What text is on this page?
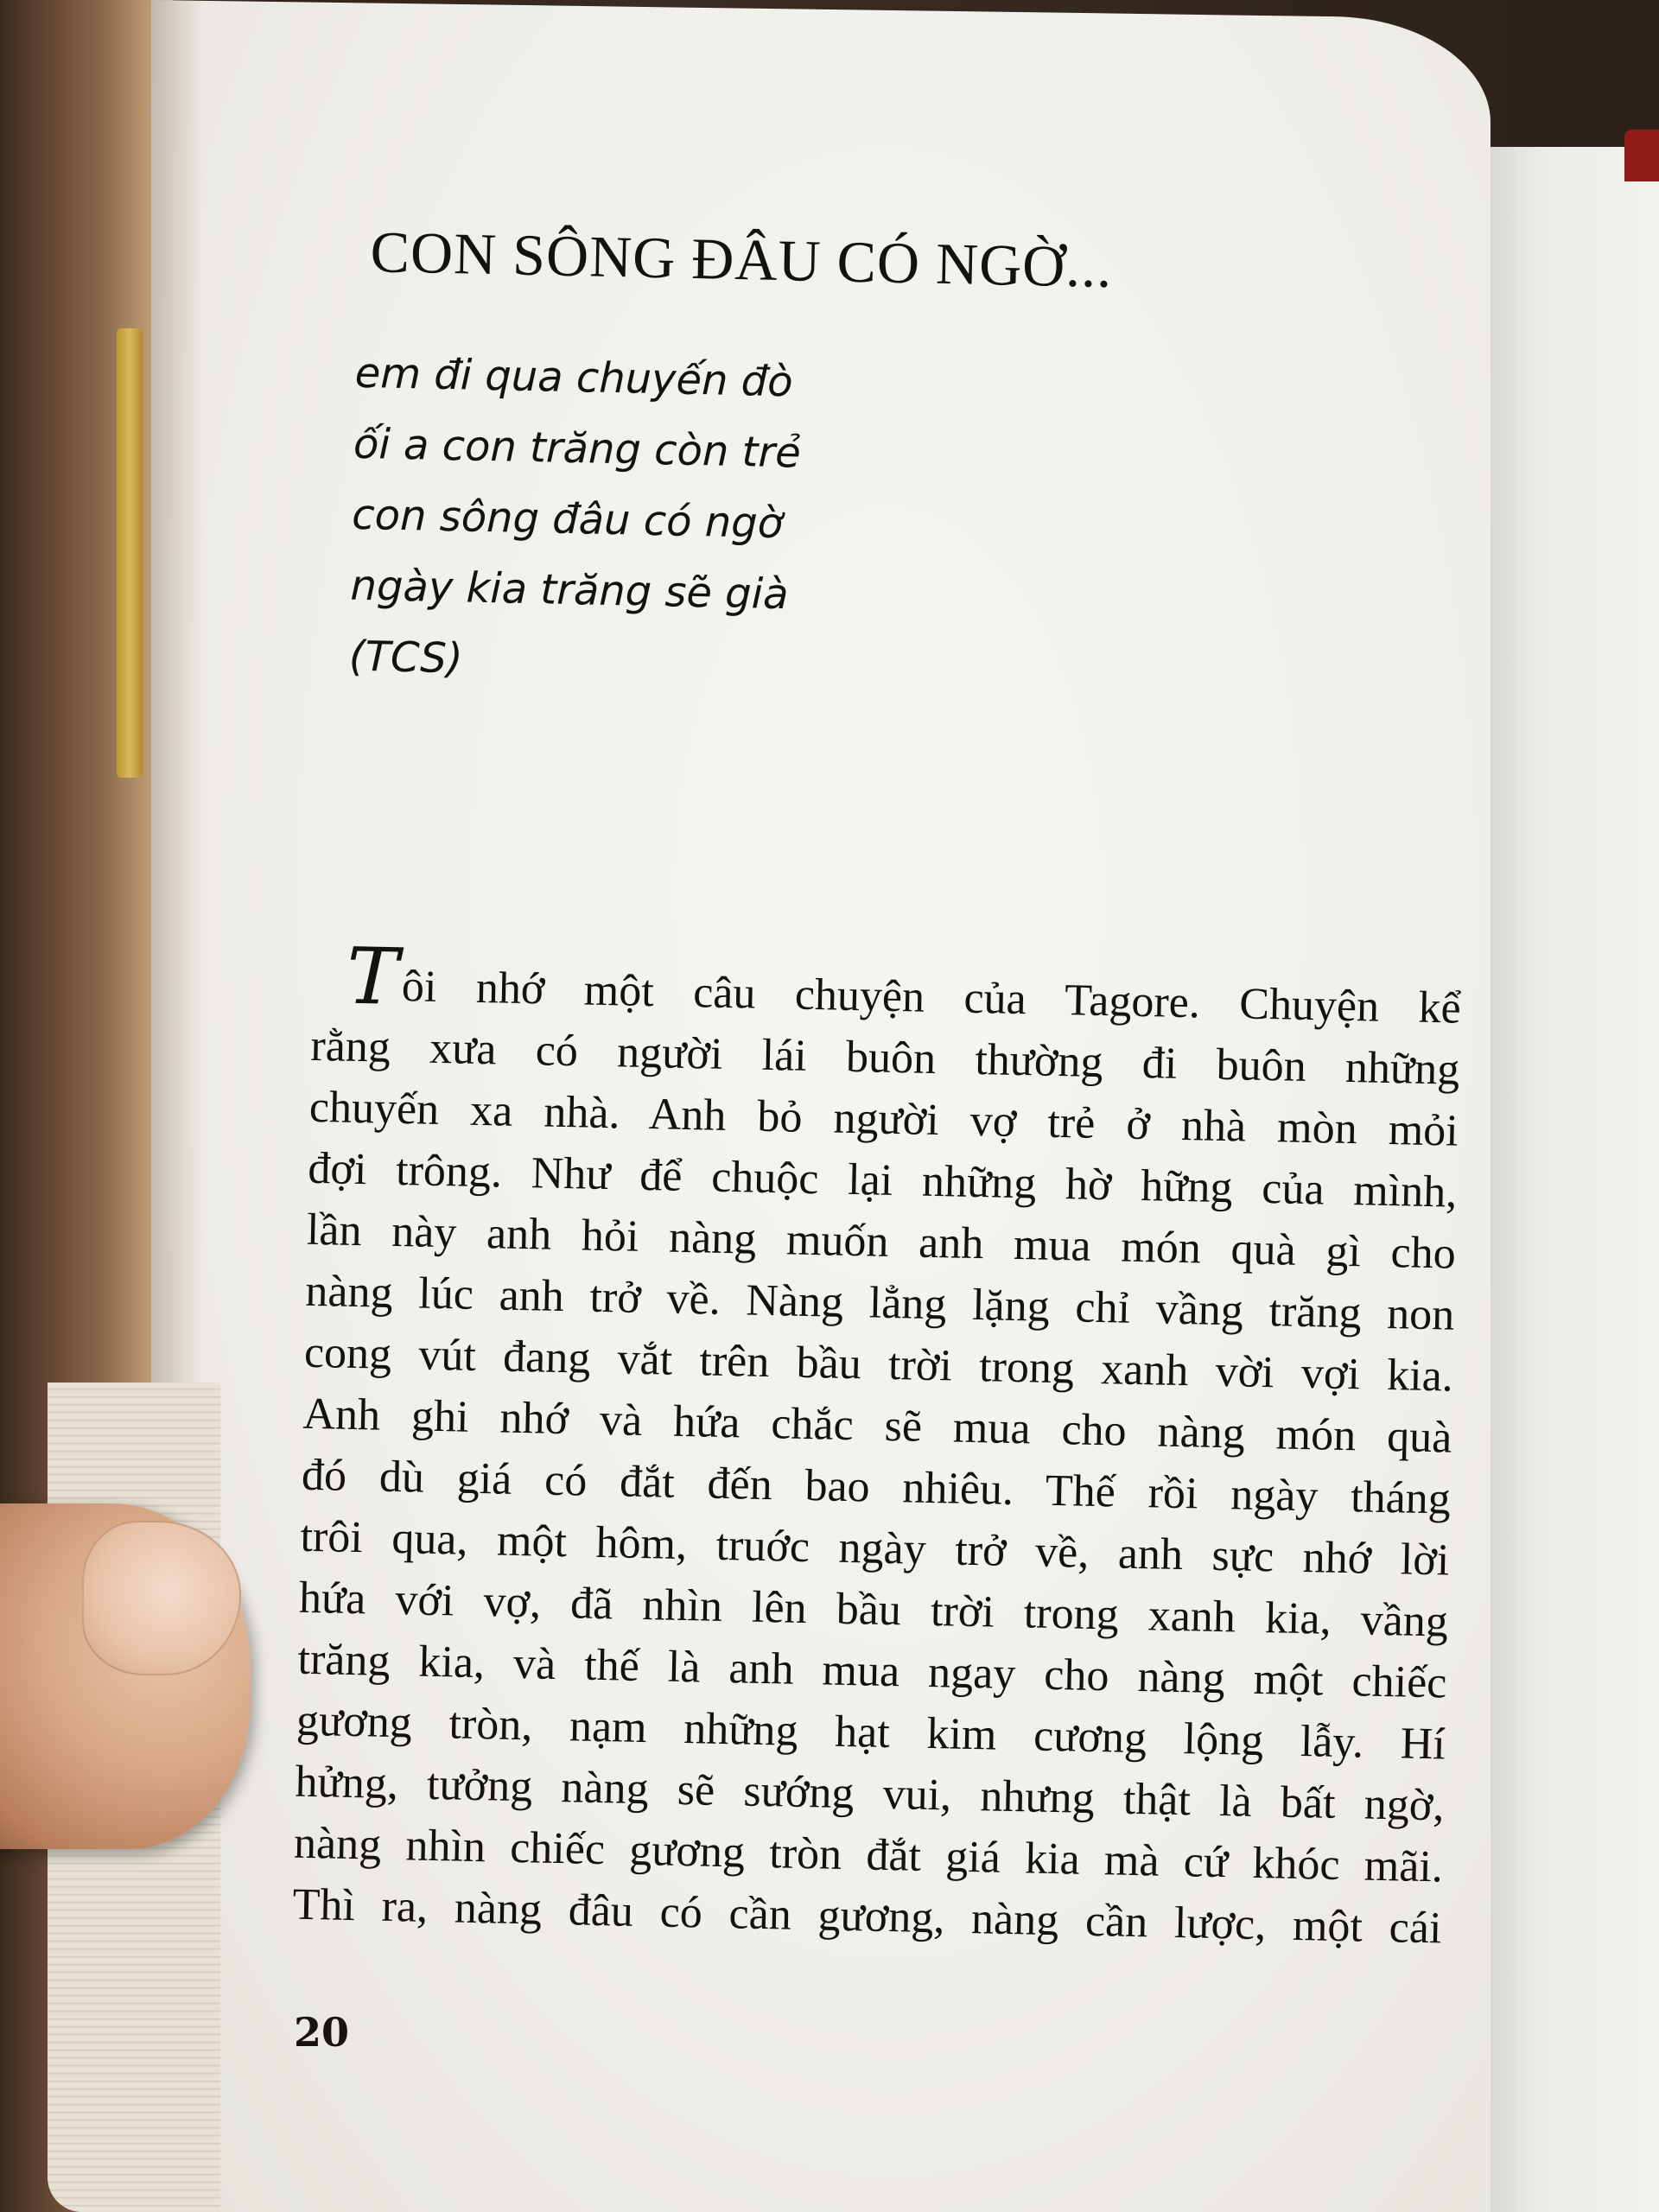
CON SÔNG ĐÂU CÓ NGỜ...
em đi qua chuyến đò
ối a con trăng còn trẻ
con sông đâu có ngờ
ngày kia trăng sẽ già
(TCS)
Tôi nhớ một câu chuyện của Tagore. Chuyện kể
rằng xưa có người lái buôn thường đi buôn những
chuyến xa nhà. Anh bỏ người vợ trẻ ở nhà mòn mỏi
đợi trông. Như để chuộc lại những hờ hững của mình,
lần này anh hỏi nàng muốn anh mua món quà gì cho
nàng lúc anh trở về. Nàng lẳng lặng chỉ vầng trăng non
cong vút đang vắt trên bầu trời trong xanh vời vợi kia.
Anh ghi nhớ và hứa chắc sẽ mua cho nàng món quà
đó dù giá có đắt đến bao nhiêu. Thế rồi ngày tháng
trôi qua, một hôm, truớc ngày trở về, anh sực nhớ lời
hứa với vợ, đã nhìn lên bầu trời trong xanh kia, vầng
trăng kia, và thế là anh mua ngay cho nàng một chiếc
gương tròn, nạm những hạt kim cương lộng lẫy. Hí
hửng, tưởng nàng sẽ sướng vui, nhưng thật là bất ngờ,
nàng nhìn chiếc gương tròn đắt giá kia mà cứ khóc mãi.
Thì ra, nàng đâu có cần gương, nàng cần lược, một cái
20
